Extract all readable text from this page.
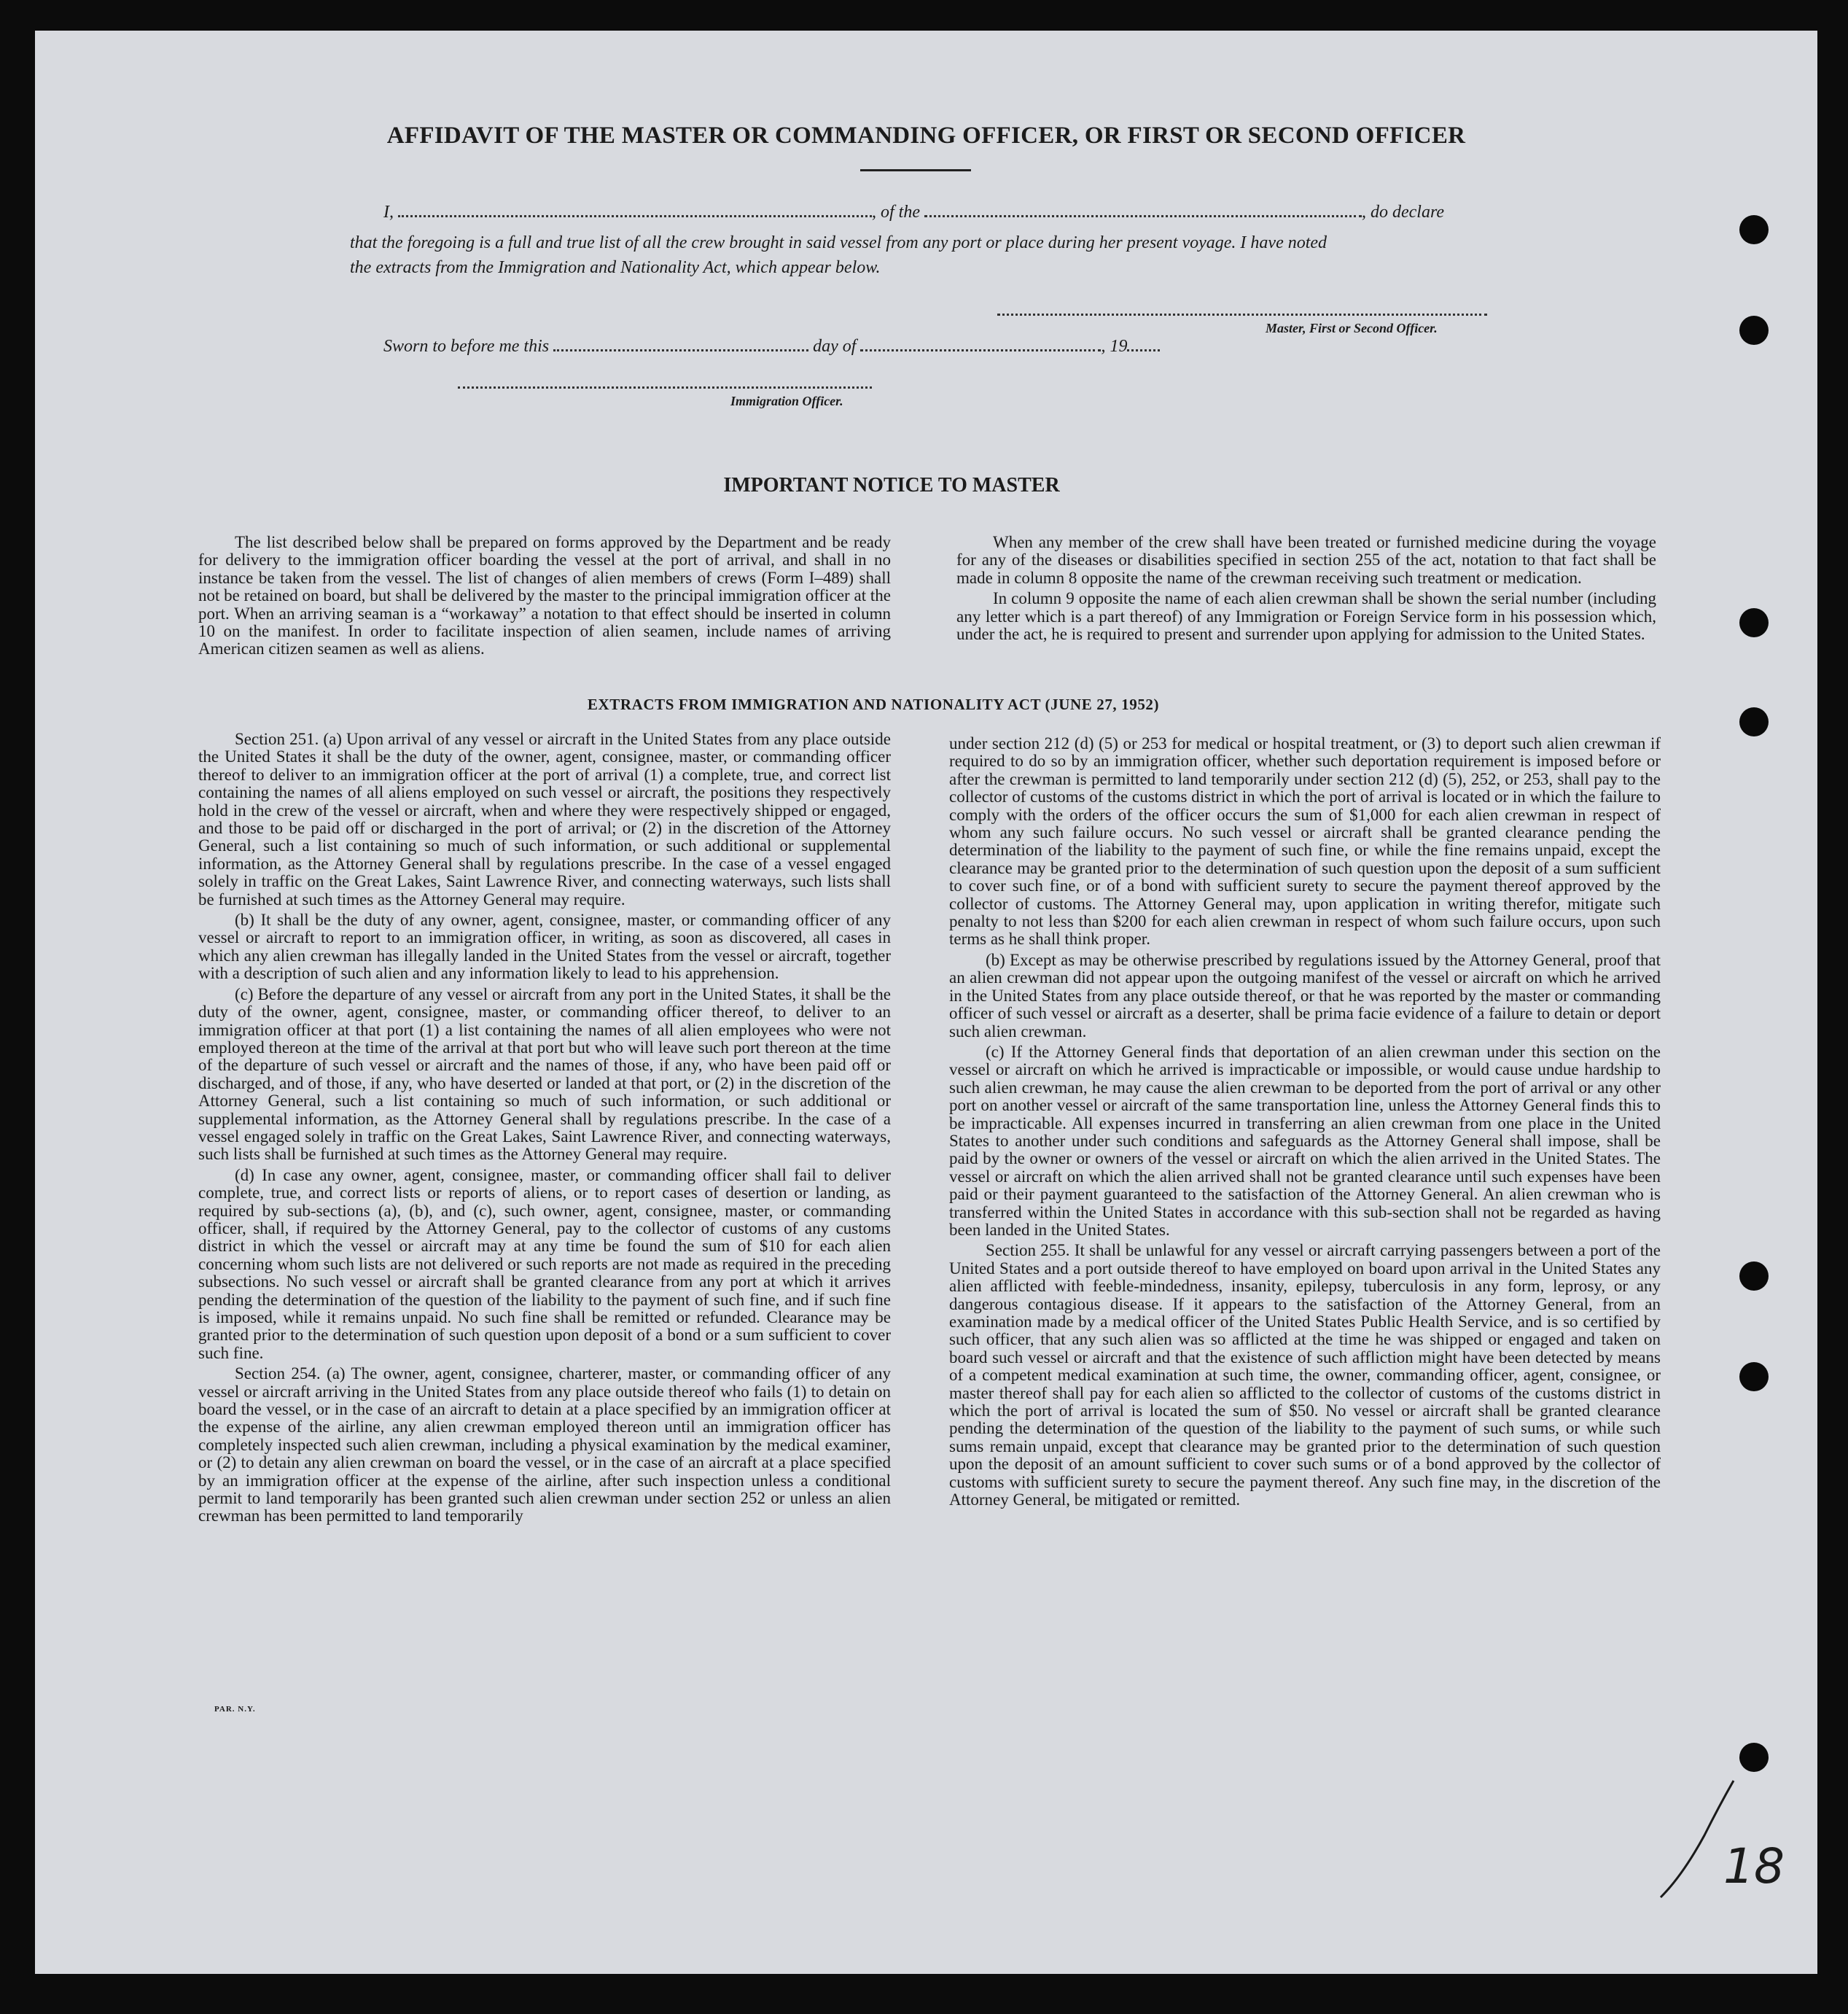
AFFIDAVIT OF THE MASTER OR COMMANDING OFFICER, OR FIRST OR SECOND OFFICER
I,	, of the	, do declare
that the foregoing is a full and true list of all the crew brought in said vessel from any port or place during her present voyage. I have noted
the extracts from the Immigration and Nationality Act, which appear below.
Master, First or Second Officer.
Sworn to before me this	day of	, 19
Immigration Officer.
IMPORTANT NOTICE TO MASTER

The list described below shall be prepared on forms approved by the Department and be ready for delivery to the immigration officer boarding the vessel at the port of arrival, and shall in no instance be taken from the vessel. The list of changes of alien members of crews (Form I–489) shall not be retained on board, but shall be delivered by the master to the principal immigration officer at the port. When an arriving seaman is a “workaway” a notation to that effect should be inserted in column 10 on the manifest. In order to facilitate inspection of alien seamen, include names of arriving American citizen seamen as well as aliens.

When any member of the crew shall have been treated or furnished medicine during the voyage for any of the diseases or disabilities specified in section 255 of the act, notation to that fact shall be made in column 8 opposite the name of the crewman receiving such treatment or medication.

In column 9 opposite the name of each alien crewman shall be shown the serial number (including any letter which is a part thereof) of any Immigration or Foreign Service form in his possession which, under the act, he is required to present and surrender upon applying for admission to the United States.

EXTRACTS FROM IMMIGRATION AND NATIONALITY ACT (JUNE 27, 1952)

Section 251. (a) Upon arrival of any vessel or aircraft in the United States from any place outside the United States it shall be the duty of the owner, agent, consignee, master, or commanding officer thereof to deliver to an immigration officer at the port of arrival (1) a complete, true, and correct list containing the names of all aliens employed on such vessel or aircraft, the positions they respectively hold in the crew of the vessel or aircraft, when and where they were respectively shipped or engaged, and those to be paid off or discharged in the port of arrival; or (2) in the discretion of the Attorney General, such a list containing so much of such information, or such additional or supplemental information, as the Attorney General shall by regulations prescribe. In the case of a vessel engaged solely in traffic on the Great Lakes, Saint Lawrence River, and connecting waterways, such lists shall be furnished at such times as the Attorney General may require.

(b) It shall be the duty of any owner, agent, consignee, master, or commanding officer of any vessel or aircraft to report to an immigration officer, in writing, as soon as discovered, all cases in which any alien crewman has illegally landed in the United States from the vessel or aircraft, together with a description of such alien and any information likely to lead to his apprehension.

(c) Before the departure of any vessel or aircraft from any port in the United States, it shall be the duty of the owner, agent, consignee, master, or commanding officer thereof, to deliver to an immigration officer at that port (1) a list containing the names of all alien employees who were not employed thereon at the time of the arrival at that port but who will leave such port thereon at the time of the departure of such vessel or aircraft and the names of those, if any, who have been paid off or discharged, and of those, if any, who have deserted or landed at that port, or (2) in the discretion of the Attorney General, such a list containing so much of such information, or such additional or supplemental information, as the Attorney General shall by regulations prescribe. In the case of a vessel engaged solely in traffic on the Great Lakes, Saint Lawrence River, and connecting waterways, such lists shall be furnished at such times as the Attorney General may require.

(d) In case any owner, agent, consignee, master, or commanding officer shall fail to deliver complete, true, and correct lists or reports of aliens, or to report cases of desertion or landing, as required by sub-sections (a), (b), and (c), such owner, agent, consignee, master, or commanding officer, shall, if required by the Attorney General, pay to the collector of customs of any customs district in which the vessel or aircraft may at any time be found the sum of $10 for each alien concerning whom such lists are not delivered or such reports are not made as required in the preceding subsections. No such vessel or aircraft shall be granted clearance from any port at which it arrives pending the determination of the question of the liability to the payment of such fine, and if such fine is imposed, while it remains unpaid. No such fine shall be remitted or refunded. Clearance may be granted prior to the determination of such question upon deposit of a bond or a sum sufficient to cover such fine.

Section 254. (a) The owner, agent, consignee, charterer, master, or commanding officer of any vessel or aircraft arriving in the United States from any place outside thereof who fails (1) to detain on board the vessel, or in the case of an aircraft to detain at a place specified by an immigration officer at the expense of the airline, any alien crewman employed thereon until an immigration officer has completely inspected such alien crewman, including a physical examination by the medical examiner, or (2) to detain any alien crewman on board the vessel, or in the case of an aircraft at a place specified by an immigration officer at the expense of the airline, after such inspection unless a conditional permit to land temporarily has been granted such alien crewman under section 252 or unless an alien crewman has been permitted to land temporarily

under section 212 (d) (5) or 253 for medical or hospital treatment, or (3) to deport such alien crewman if required to do so by an immigration officer, whether such deportation requirement is imposed before or after the crewman is permitted to land temporarily under section 212 (d) (5), 252, or 253, shall pay to the collector of customs of the customs district in which the port of arrival is located or in which the failure to comply with the orders of the officer occurs the sum of $1,000 for each alien crewman in respect of whom any such failure occurs. No such vessel or aircraft shall be granted clearance pending the determination of the liability to the payment of such fine, or while the fine remains unpaid, except the clearance may be granted prior to the determination of such question upon the deposit of a sum sufficient to cover such fine, or of a bond with sufficient surety to secure the payment thereof approved by the collector of customs. The Attorney General may, upon application in writing therefor, mitigate such penalty to not less than $200 for each alien crewman in respect of whom such failure occurs, upon such terms as he shall think proper.

(b) Except as may be otherwise prescribed by regulations issued by the Attorney General, proof that an alien crewman did not appear upon the outgoing manifest of the vessel or aircraft on which he arrived in the United States from any place outside thereof, or that he was reported by the master or commanding officer of such vessel or aircraft as a deserter, shall be prima facie evidence of a failure to detain or deport such alien crewman.

(c) If the Attorney General finds that deportation of an alien crewman under this section on the vessel or aircraft on which he arrived is impracticable or impossible, or would cause undue hardship to such alien crewman, he may cause the alien crewman to be deported from the port of arrival or any other port on another vessel or aircraft of the same transportation line, unless the Attorney General finds this to be impracticable. All expenses incurred in transferring an alien crewman from one place in the United States to another under such conditions and safeguards as the Attorney General shall impose, shall be paid by the owner or owners of the vessel or aircraft on which the alien arrived in the United States. The vessel or aircraft on which the alien arrived shall not be granted clearance until such expenses have been paid or their payment guaranteed to the satisfaction of the Attorney General. An alien crewman who is transferred within the United States in accordance with this sub-section shall not be regarded as having been landed in the United States.

Section 255. It shall be unlawful for any vessel or aircraft carrying passengers between a port of the United States and a port outside thereof to have employed on board upon arrival in the United States any alien afflicted with feeble-mindedness, insanity, epilepsy, tuberculosis in any form, leprosy, or any dangerous contagious disease. If it appears to the satisfaction of the Attorney General, from an examination made by a medical officer of the United States Public Health Service, and is so certified by such officer, that any such alien was so afflicted at the time he was shipped or engaged and taken on board such vessel or aircraft and that the existence of such affliction might have been detected by means of a competent medical examination at such time, the owner, commanding officer, agent, consignee, or master thereof shall pay for each alien so afflicted to the collector of customs of the customs district in which the port of arrival is located the sum of $50. No vessel or aircraft shall be granted clearance pending the determination of the question of the liability to the payment of such sums, or while such sums remain unpaid, except that clearance may be granted prior to the determination of such question upon the deposit of an amount sufficient to cover such sums or of a bond approved by the collector of customs with sufficient surety to secure the payment thereof. Any such fine may, in the discretion of the Attorney General, be mitigated or remitted.

PAR. N.Y.
18
